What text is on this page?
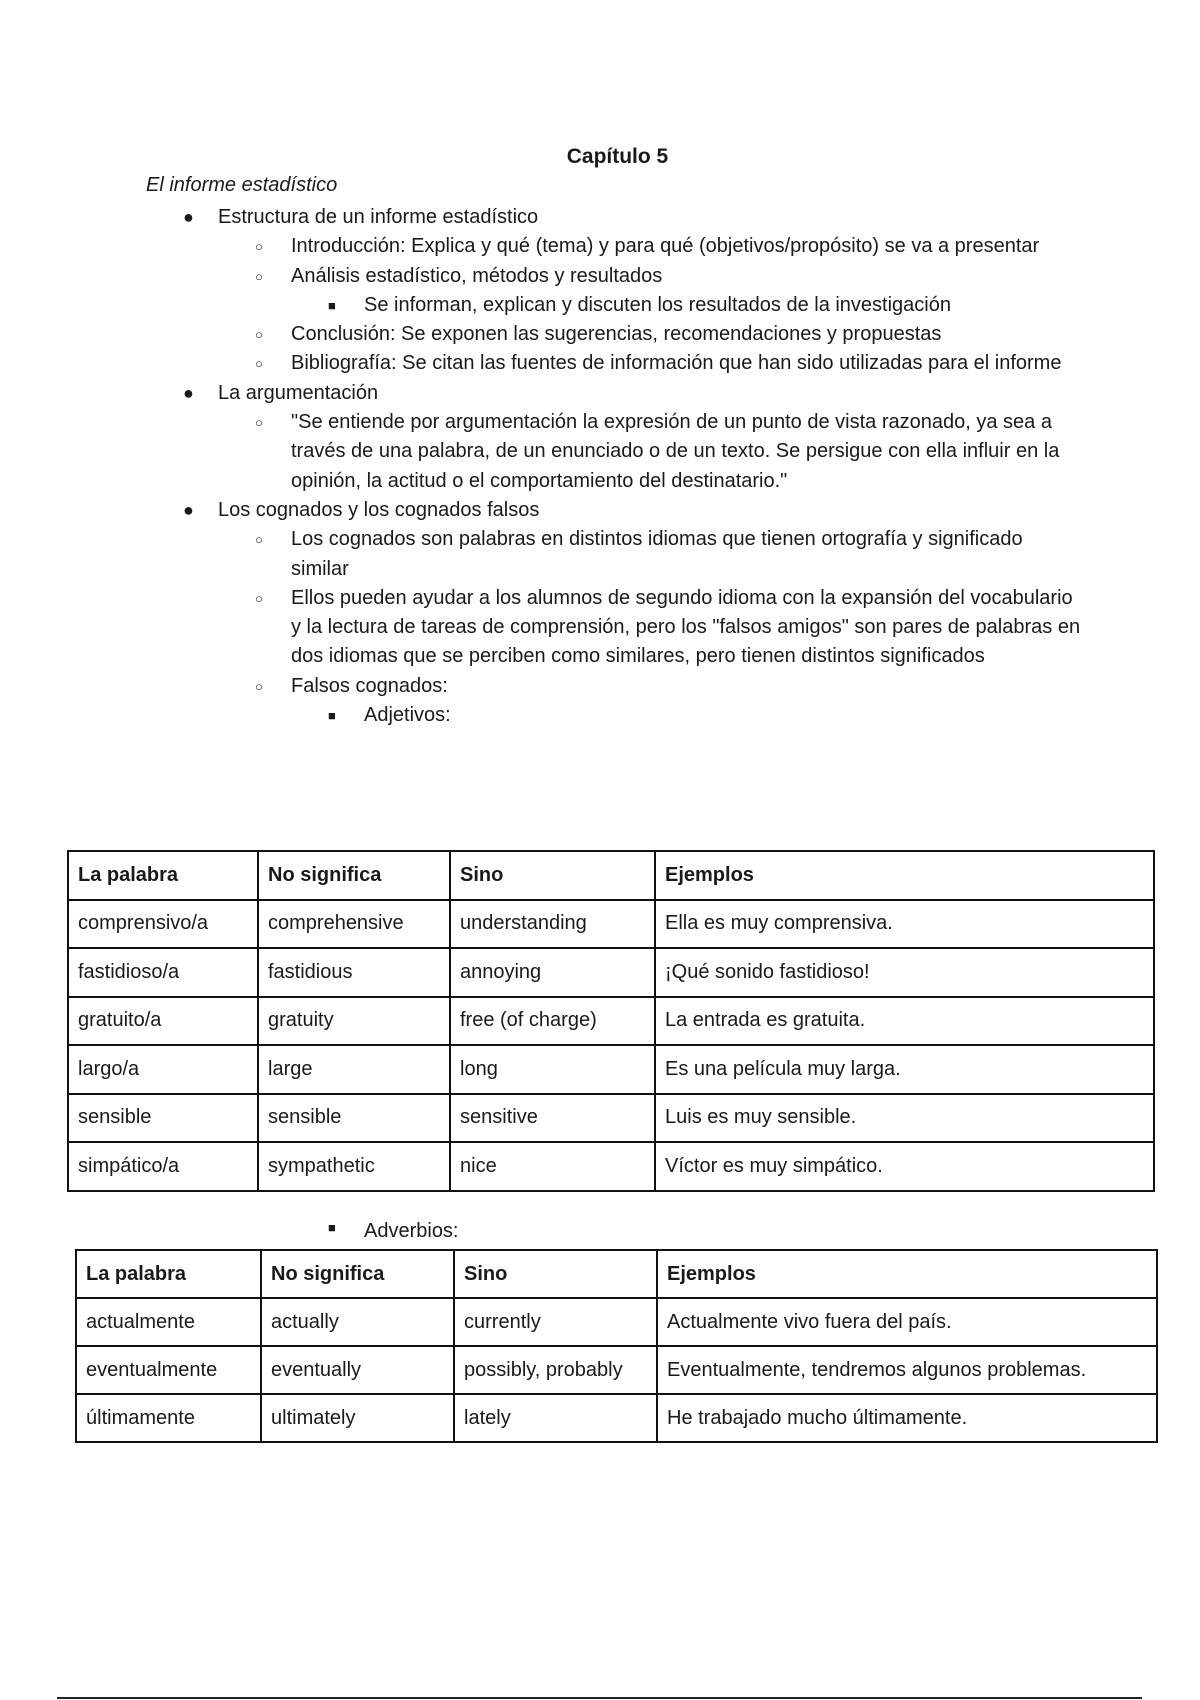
Capítulo 5
El informe estadístico
● Estructura de un informe estadístico
○ Introducción: Explica y qué (tema) y para qué (objetivos/propósito) se va a presentar
○ Análisis estadístico, métodos y resultados
■ Se informan, explican y discuten los resultados de la investigación
○ Conclusión: Se exponen las sugerencias, recomendaciones y propuestas
○ Bibliografía: Se citan las fuentes de información que han sido utilizadas para el informe
● La argumentación
○ "Se entiende por argumentación la expresión de un punto de vista razonado, ya sea a través de una palabra, de un enunciado o de un texto. Se persigue con ella influir en la opinión, la actitud o el comportamiento del destinatario."
● Los cognados y los cognados falsos
○ Los cognados son palabras en distintos idiomas que tienen ortografía y significado similar
○ Ellos pueden ayudar a los alumnos de segundo idioma con la expansión del vocabulario y la lectura de tareas de comprensión, pero los "falsos amigos" son pares de palabras en dos idiomas que se perciben como similares, pero tienen distintos significados
○ Falsos cognados:
■ Adjetivos:
La palabra	No significa	Sino	Ejemplos
comprensivo/a	comprehensive	understanding	Ella es muy comprensiva.
fastidioso/a	fastidious	annoying	¡Qué sonido fastidioso!
gratuito/a	gratuity	free (of charge)	La entrada es gratuita.
largo/a	large	long	Es una película muy larga.
sensible	sensible	sensitive	Luis es muy sensible.
simpático/a	sympathetic	nice	Víctor es muy simpático.
■ Adverbios:
La palabra	No significa	Sino	Ejemplos
actualmente	actually	currently	Actualmente vivo fuera del país.
eventualmente	eventually	possibly, probably	Eventualmente, tendremos algunos problemas.
últimamente	ultimately	lately	He trabajado mucho últimamente.
